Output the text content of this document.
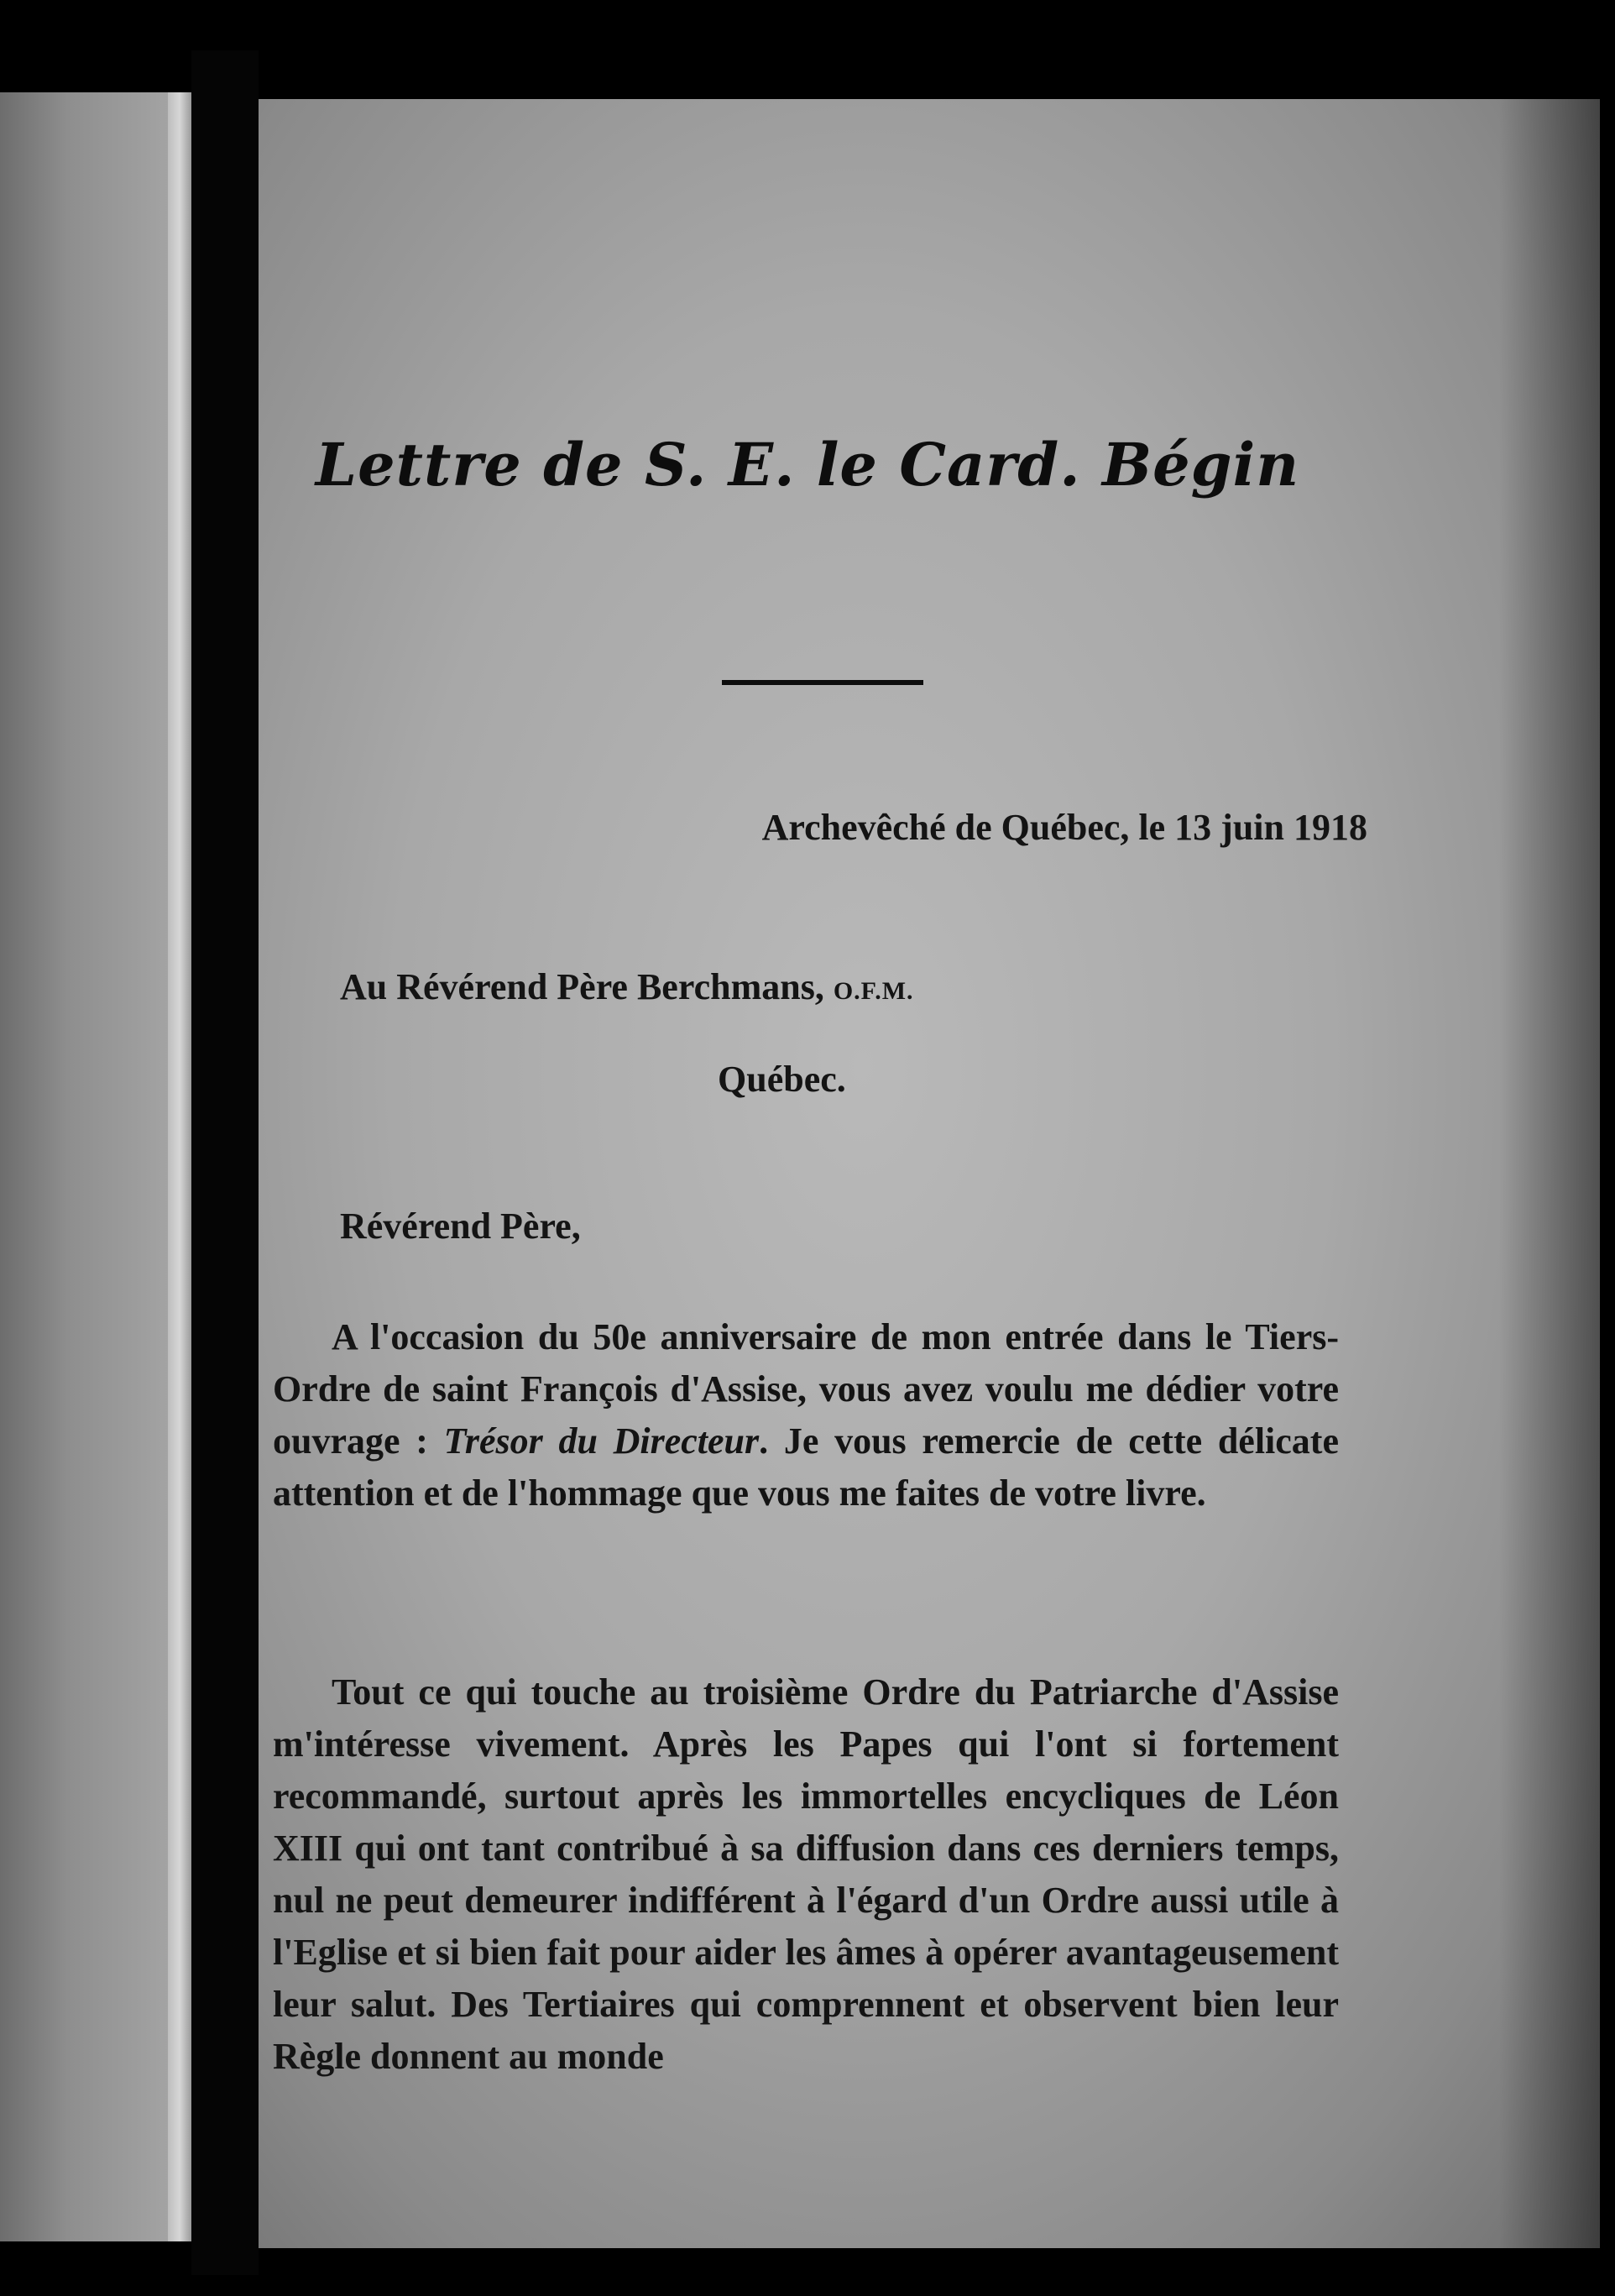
Lettre de S. E. le Card. Bégin
Archevêché de Québec, le 13 juin 1918
Au Révérend Père Berchmans, O.F.M.
Québec.
Révérend Père,

A l'occasion du 50e anniversaire de mon entrée dans le Tiers-Ordre de saint François d'Assise, vous avez voulu me dédier votre ouvrage : Trésor du Directeur. Je vous remercie de cette délicate attention et de l'hommage que vous me faites de votre livre.

Tout ce qui touche au troisième Ordre du Patriarche d'Assise m'intéresse vivement. Après les Papes qui l'ont si fortement recommandé, surtout après les immortelles encycliques de Léon XIII qui ont tant contribué à sa diffusion dans ces derniers temps, nul ne peut demeurer indifférent à l'égard d'un Ordre aussi utile à l'Eglise et si bien fait pour aider les âmes à opérer avantageusement leur salut. Des Tertiaires qui comprennent et observent bien leur Règle donnent au monde
